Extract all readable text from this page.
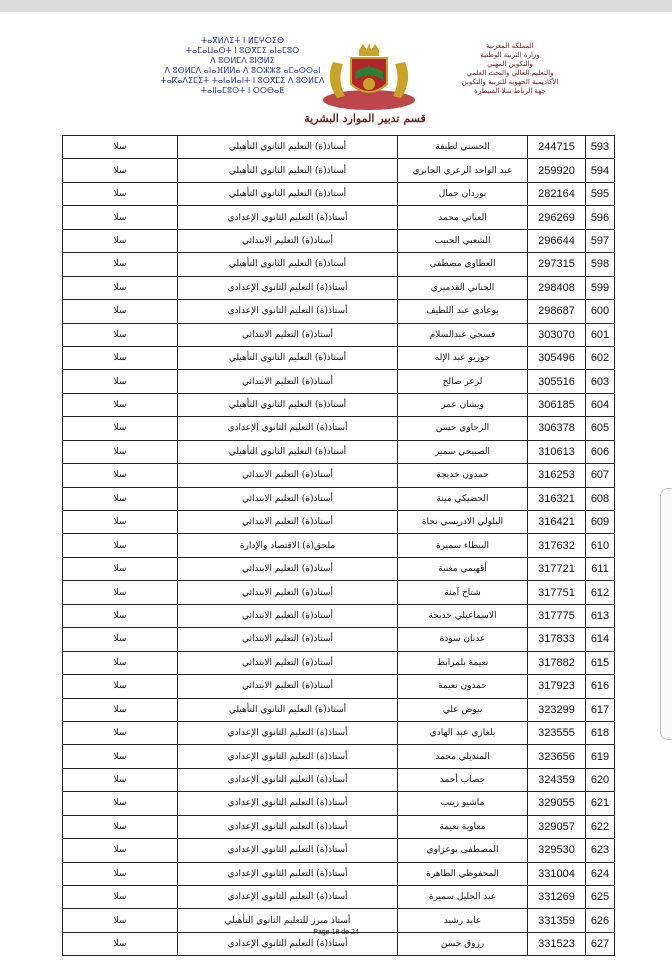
ⵜⴰⴳⵍⴷⵉⵜ ⵏ ⵍⵎⵖⵔⵉⴱ
ⵜⴰⵎⴰⵡⴰⵙⵜ ⵏ ⵓⵙⴳⵎⵉ ⴰⵏⴰⵎⵓⵔ
ⴷ ⵓⵙⵍⵎⴷ ⵓⵏⵚⵍⵉ
ⴷ ⵓⵙⵍⵎⴷ ⴰⵏⴰⴼⵍⵍⴰ ⴷ ⵓⵔⵣⵣⵓ ⴰⵎⴰⵙⵙⴰⵏ
ⵜⴰⴽⴰⴷⵉⵎⵉⵜ ⵜⴰⵏⴰⵍⴰⵏⵜ ⵏ ⵓⵙⴳⵎⵉ ⴷ ⵓⵙⵍⵎⴷ
ⵜⴰⵏⵏⴰⵎⵓⵙⵜ ⵏ ⵔⵔⴱⴰⵟ
المملكة المغربية
وزارة التربية الوطنية
والتكوين المهني
والتعليم العالي والبحث العلمي
الأكاديمية الجهوية للتربية والتكوين
جهة الرباط سلا القنيطرة
قسم تدبير الموارد البشرية
سلا	أستاذ(ة) التعليم الثانوي التأهيلي	الحسني لطيفة	244715	593
سلا	أستاذ(ة) التعليم الثانوي التأهيلي	عبد الواحد الزعري الجابري	259920	594
سلا	أستاذ(ة) التعليم الثانوي التأهيلي	بوردان جمال	282164	595
سلا	أستاذ(ة) التعليم الثانوي الإعدادي	العياتي محمد	296269	596
سلا	أستاذ(ة) التعليم الابتدائي	الشعبي الحبيب	296644	597
سلا	أستاذ(ة) التعليم الثانوي التأهيلي	العطاوي مصطفى	297315	598
سلا	أستاذ(ة) التعليم الثانوي الإعدادي	الحناني القدميري	298408	599
سلا	أستاذ(ة) التعليم الثانوي الإعدادي	بوعادي عبد اللطيف	298687	600
سلا	أستاذ(ة) التعليم الابتدائي	فسحي عبدالسلام	303070	601
سلا	أستاذ(ة) التعليم الثانوي التأهيلي	جوريو عبد الإله	305496	602
سلا	أستاذ(ة) التعليم الابتدائي	لزعر صالح	305516	603
سلا	أستاذ(ة) التعليم الثانوي التأهيلي	ويشان عمر	306185	604
سلا	أستاذ(ة) التعليم الثانوي الإعدادي	الرحاوي حسن	306378	605
سلا	أستاذ(ة) التعليم الثانوي التأهيلي	الصبيحي سمير	310613	606
سلا	أستاذ(ة) التعليم الابتدائي	حمدون خديجة	316253	607
سلا	أستاذ(ة) التعليم الابتدائي	الحضيكي مينة	316321	608
سلا	أستاذ(ة) التعليم الابتدائي	اليلولي الادريسي نجاة	316421	609
سلا	ملحق(ة) الاقتصاد والإدارة	البيطاء سميرة	317632	610
سلا	أستاذ(ة) التعليم الابتدائي	أقهيمي مغنية	317721	611
سلا	أستاذ(ة) التعليم الابتدائي	شتاح آمنة	317751	612
سلا	أستاذ(ة) التعليم الابتدائي	الاسماعيلي خديجة	317775	613
سلا	أستاذ(ة) التعليم الابتدائي	عدنان سودة	317833	614
سلا	أستاذ(ة) التعليم الابتدائي	نعيمة بلمرابط	317882	615
سلا	أستاذ(ة) التعليم الابتدائي	حمدون نعيمة	317923	616
سلا	أستاذ(ة) التعليم الثانوي التأهيلي	بيوض علي	323299	617
سلا	أستاذ(ة) التعليم الثانوي الإعدادي	بلغازي عبد الهادي	323555	618
سلا	أستاذ(ة) التعليم الثانوي الإعدادي	المنديلي محمد	323656	619
سلا	أستاذ(ة) التعليم الثانوي الإعدادي	جصاب أحمد	324359	620
سلا	أستاذ(ة) التعليم الثانوي الإعدادي	ماشيو زينب	329055	621
سلا	أستاذ(ة) التعليم الثانوي الإعدادي	معاوية نعيمة	329057	622
سلا	أستاذ(ة) التعليم الثانوي الإعدادي	المصطفى بوعزاوي	329530	623
سلا	أستاذ(ة) التعليم الثانوي الإعدادي	المحفوظي الطاهرة	331004	624
سلا	أستاذ(ة) التعليم الثانوي الإعدادي	عبد الجليل سميرة	331269	625
سلا	أستاذ مبرز للتعليم الثانوي التأهيلي	عابد رشيد	331359	626
سلا	أستاذ(ة) التعليم الثانوي الإعدادي	رزوق حسن	331523	627
Page 18 de 24
